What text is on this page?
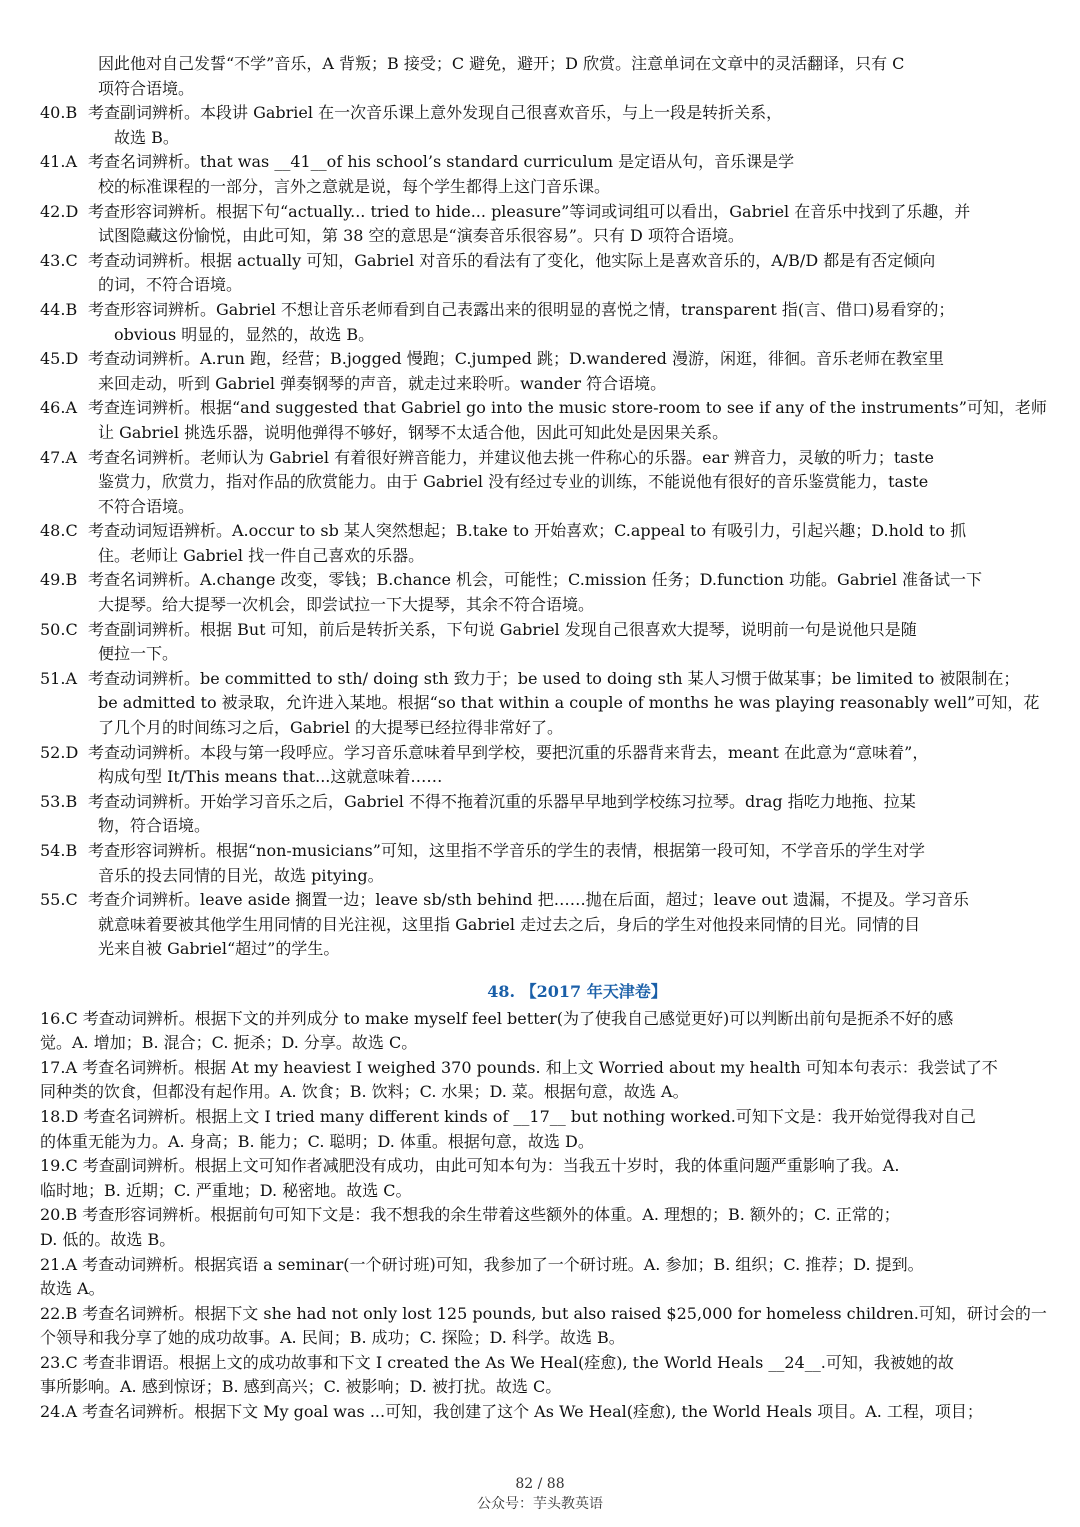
因此他对自己发誓“不学”音乐，A 背叛；B 接受；C 避免，避开；D 欣赏。注意单词在文章中的灵活翻译，只有 C
项符合语境。
40.B 考查副词辨析。本段讲 Gabriel 在一次音乐课上意外发现自己很喜欢音乐，与上一段是转折关系，
故选 B。
41.A 考查名词辨析。that was __41__of his school’s standard curriculum 是定语从句，音乐课是学
校的标准课程的一部分，言外之意就是说，每个学生都得上这门音乐课。
42.D 考查形容词辨析。根据下句“actually... tried to hide... pleasure”等词或词组可以看出，Gabriel 在音乐中找到了乐趣，并
试图隐藏这份愉悦，由此可知，第 38 空的意思是“演奏音乐很容易”。只有 D 项符合语境。
43.C 考查动词辨析。根据 actually 可知，Gabriel 对音乐的看法有了变化，他实际上是喜欢音乐的，A/B/D 都是有否定倾向
的词，不符合语境。
44.B 考查形容词辨析。Gabriel 不想让音乐老师看到自己表露出来的很明显的喜悦之情，transparent 指(言、借口)易看穿的；
obvious 明显的，显然的，故选 B。
45.D 考查动词辨析。A.run 跑，经营；B.jogged 慢跑；C.jumped 跳；D.wandered 漫游，闲逛，徘徊。音乐老师在教室里
来回走动，听到 Gabriel 弹奏钢琴的声音，就走过来聆听。wander 符合语境。
46.A 考查连词辨析。根据“and suggested that Gabriel go into the music store-room to see if any of the instruments”可知，老师
让 Gabriel 挑选乐器，说明他弹得不够好，钢琴不太适合他，因此可知此处是因果关系。
47.A 考查名词辨析。老师认为 Gabriel 有着很好辨音能力，并建议他去挑一件称心的乐器。ear 辨音力，灵敏的听力；taste
鉴赏力，欣赏力，指对作品的欣赏能力。由于 Gabriel 没有经过专业的训练，不能说他有很好的音乐鉴赏能力，taste
不符合语境。
48.C 考查动词短语辨析。A.occur to sb 某人突然想起；B.take to 开始喜欢；C.appeal to 有吸引力，引起兴趣；D.hold to 抓
住。老师让 Gabriel 找一件自己喜欢的乐器。
49.B 考查名词辨析。A.change 改变，零钱；B.chance 机会，可能性；C.mission 任务；D.function 功能。Gabriel 准备试一下
大提琴。给大提琴一次机会，即尝试拉一下大提琴，其余不符合语境。
50.C 考查副词辨析。根据 But 可知，前后是转折关系，下句说 Gabriel 发现自己很喜欢大提琴，说明前一句是说他只是随
便拉一下。
51.A 考查动词辨析。be committed to sth/ doing sth 致力于；be used to doing sth 某人习惯于做某事；be limited to 被限制在；
be admitted to 被录取，允许进入某地。根据“so that within a couple of months he was playing reasonably well”可知，花
了几个月的时间练习之后，Gabriel 的大提琴已经拉得非常好了。
52.D 考查动词辨析。本段与第一段呼应。学习音乐意味着早到学校，要把沉重的乐器背来背去，meant 在此意为“意味着”，
构成句型 It/This means that...这就意味着……
53.B 考查动词辨析。开始学习音乐之后，Gabriel 不得不拖着沉重的乐器早早地到学校练习拉琴。drag 指吃力地拖、拉某
物，符合语境。
54.B 考查形容词辨析。根据“non-musicians”可知，这里指不学音乐的学生的表情，根据第一段可知，不学音乐的学生对学
音乐的投去同情的目光，故选 pitying。
55.C 考查介词辨析。leave aside 搁置一边；leave sb/sth behind 把……抛在后面，超过；leave out 遗漏，不提及。学习音乐
就意味着要被其他学生用同情的目光注视，这里指 Gabriel 走过去之后，身后的学生对他投来同情的目光。同情的目
光来自被 Gabriel“超过”的学生。
48. 【2017 年天津卷】
16.C 考查动词辨析。根据下文的并列成分 to make myself feel better(为了使我自己感觉更好)可以判断出前句是扼杀不好的感
觉。A. 增加；B. 混合；C. 扼杀；D. 分享。故选 C。
17.A 考查名词辨析。根据 At my heaviest I weighed 370 pounds. 和上文 Worried about my health 可知本句表示：我尝试了不
同种类的饮食，但都没有起作用。A. 饮食；B. 饮料；C. 水果；D. 菜。根据句意，故选 A。
18.D 考查名词辨析。根据上文 I tried many different kinds of __17__ but nothing worked.可知下文是：我开始觉得我对自己
的体重无能为力。A. 身高；B. 能力；C. 聪明；D. 体重。根据句意，故选 D。
19.C 考查副词辨析。根据上文可知作者减肥没有成功，由此可知本句为：当我五十岁时，我的体重问题严重影响了我。A.
临时地；B. 近期；C. 严重地；D. 秘密地。故选 C。
20.B 考查形容词辨析。根据前句可知下文是：我不想我的余生带着这些额外的体重。A. 理想的；B. 额外的；C. 正常的；
D. 低的。故选 B。
21.A 考查动词辨析。根据宾语 a seminar(一个研讨班)可知，我参加了一个研讨班。A. 参加；B. 组织；C. 推荐；D. 提到。
故选 A。
22.B 考查名词辨析。根据下文 she had not only lost 125 pounds, but also raised $25,000 for homeless children.可知，研讨会的一
个领导和我分享了她的成功故事。A. 民间；B. 成功；C. 探险；D. 科学。故选 B。
23.C 考查非谓语。根据上文的成功故事和下文 I created the As We Heal(痊愈), the World Heals __24__.可知，我被她的故
事所影响。A. 感到惊讶；B. 感到高兴；C. 被影响；D. 被打扰。故选 C。
24.A 考查名词辨析。根据下文 My goal was ...可知，我创建了这个 As We Heal(痊愈), the World Heals 项目。A. 工程，项目；
82 / 88
公众号：芋头教英语
